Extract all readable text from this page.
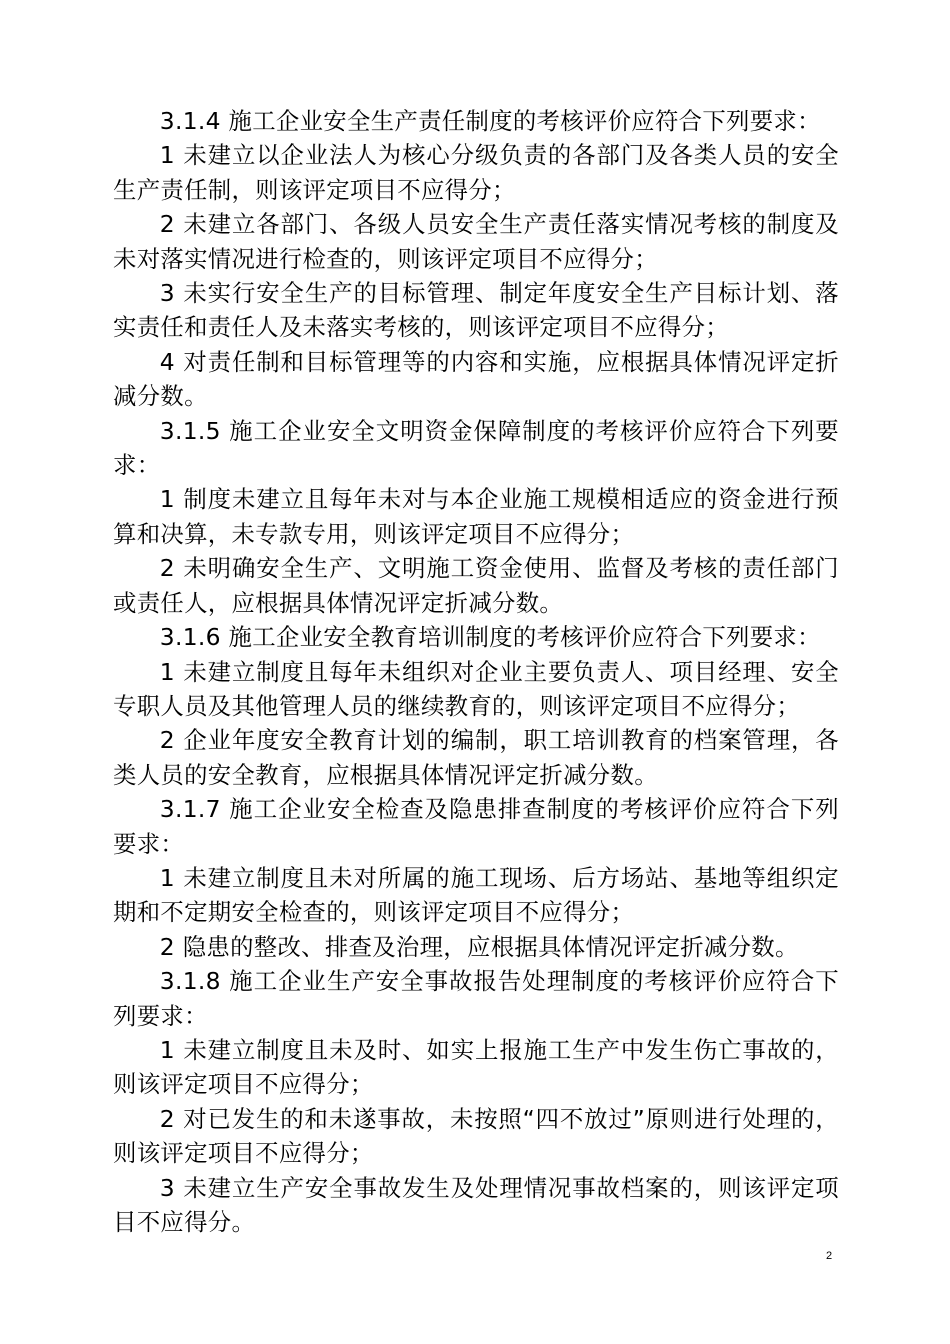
3.1.4 施工企业安全生产责任制度的考核评价应符合下列要求：

1 未建立以企业法人为核心分级负责的各部门及各类人员的安全生产责任制，则该评定项目不应得分；

2 未建立各部门、各级人员安全生产责任落实情况考核的制度及未对落实情况进行检查的，则该评定项目不应得分；

3 未实行安全生产的目标管理、制定年度安全生产目标计划、落实责任和责任人及未落实考核的，则该评定项目不应得分；

4 对责任制和目标管理等的内容和实施，应根据具体情况评定折减分数。

3.1.5 施工企业安全文明资金保障制度的考核评价应符合下列要求：

1 制度未建立且每年未对与本企业施工规模相适应的资金进行预算和决算，未专款专用，则该评定项目不应得分；

2 未明确安全生产、文明施工资金使用、监督及考核的责任部门或责任人，应根据具体情况评定折减分数。

3.1.6 施工企业安全教育培训制度的考核评价应符合下列要求：

1 未建立制度且每年未组织对企业主要负责人、项目经理、安全专职人员及其他管理人员的继续教育的，则该评定项目不应得分；

2 企业年度安全教育计划的编制，职工培训教育的档案管理，各类人员的安全教育，应根据具体情况评定折减分数。

3.1.7 施工企业安全检查及隐患排查制度的考核评价应符合下列要求：

1 未建立制度且未对所属的施工现场、后方场站、基地等组织定期和不定期安全检查的，则该评定项目不应得分；

2 隐患的整改、排查及治理，应根据具体情况评定折减分数。

3.1.8 施工企业生产安全事故报告处理制度的考核评价应符合下列要求：

1 未建立制度且未及时、如实上报施工生产中发生伤亡事故的，则该评定项目不应得分；

2 对已发生的和未遂事故，未按照“四不放过”原则进行处理的，则该评定项目不应得分；

3 未建立生产安全事故发生及处理情况事故档案的，则该评定项目不应得分。

2
